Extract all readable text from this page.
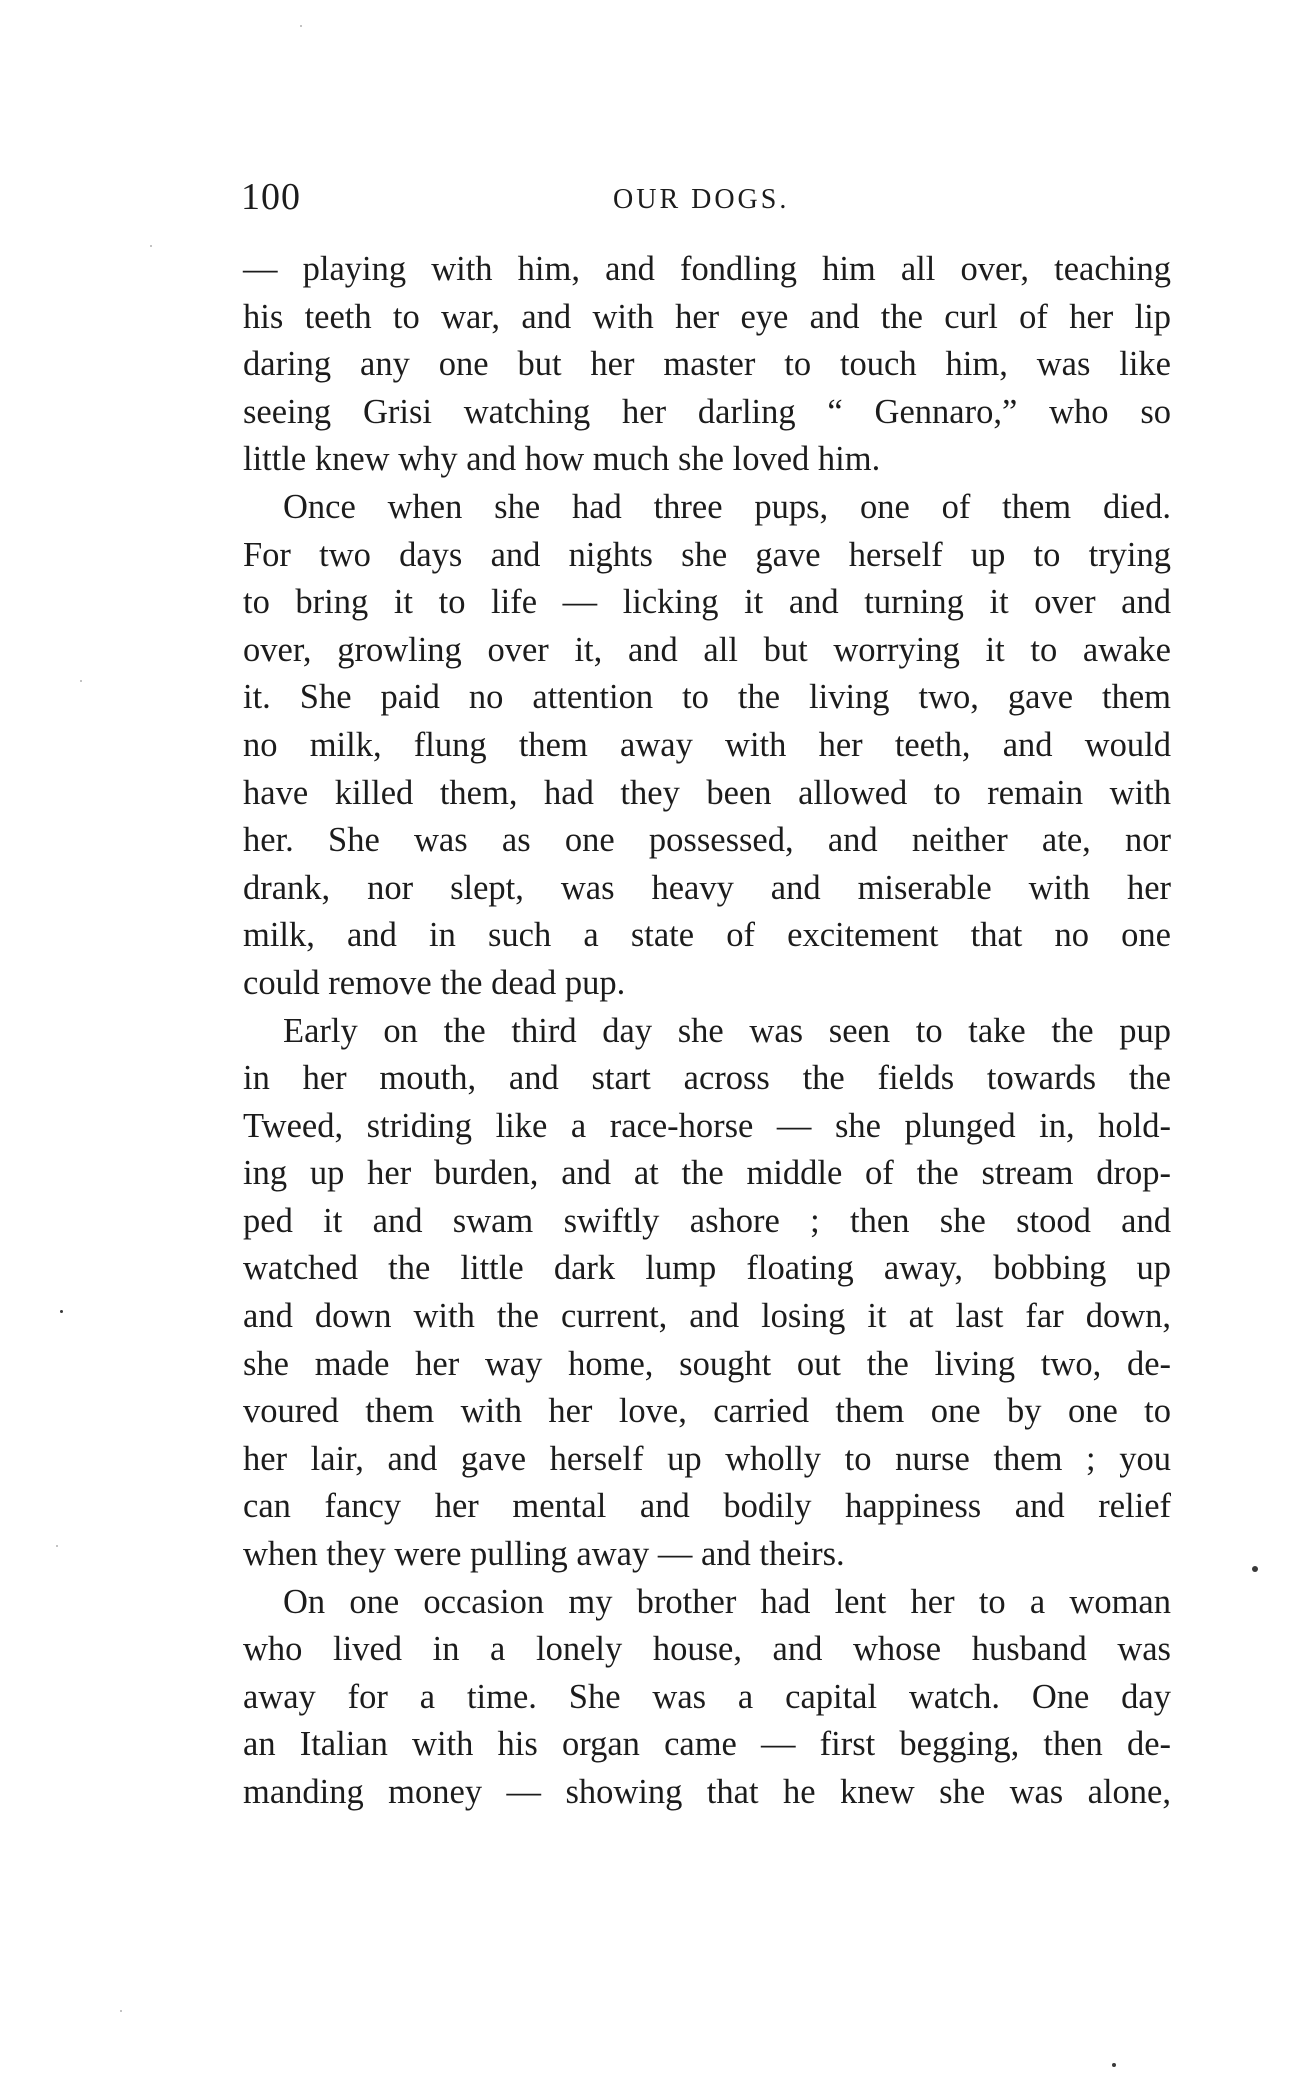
100	OUR DOGS.
— playing with him, and fondling him all over, teaching
his teeth to war, and with her eye and the curl of her lip
daring any one but her master to touch him, was like
seeing Grisi watching her darling “ Gennaro,” who so
little knew why and how much she loved him.
Once when she had three pups, one of them died.
For two days and nights she gave herself up to trying
to bring it to life — licking it and turning it over and
over, growling over it, and all but worrying it to awake
it. She paid no attention to the living two, gave them
no milk, flung them away with her teeth, and would
have killed them, had they been allowed to remain with
her. She was as one possessed, and neither ate, nor
drank, nor slept, was heavy and miserable with her
milk, and in such a state of excitement that no one
could remove the dead pup.
Early on the third day she was seen to take the pup
in her mouth, and start across the fields towards the
Tweed, striding like a race-horse — she plunged in, hold-
ing up her burden, and at the middle of the stream drop-
ped it and swam swiftly ashore ; then she stood and
watched the little dark lump floating away, bobbing up
and down with the current, and losing it at last far down,
she made her way home, sought out the living two, de-
voured them with her love, carried them one by one to
her lair, and gave herself up wholly to nurse them ; you
can fancy her mental and bodily happiness and relief
when they were pulling away — and theirs.
On one occasion my brother had lent her to a woman
who lived in a lonely house, and whose husband was
away for a time. She was a capital watch. One day
an Italian with his organ came — first begging, then de-
manding money — showing that he knew she was alone,
